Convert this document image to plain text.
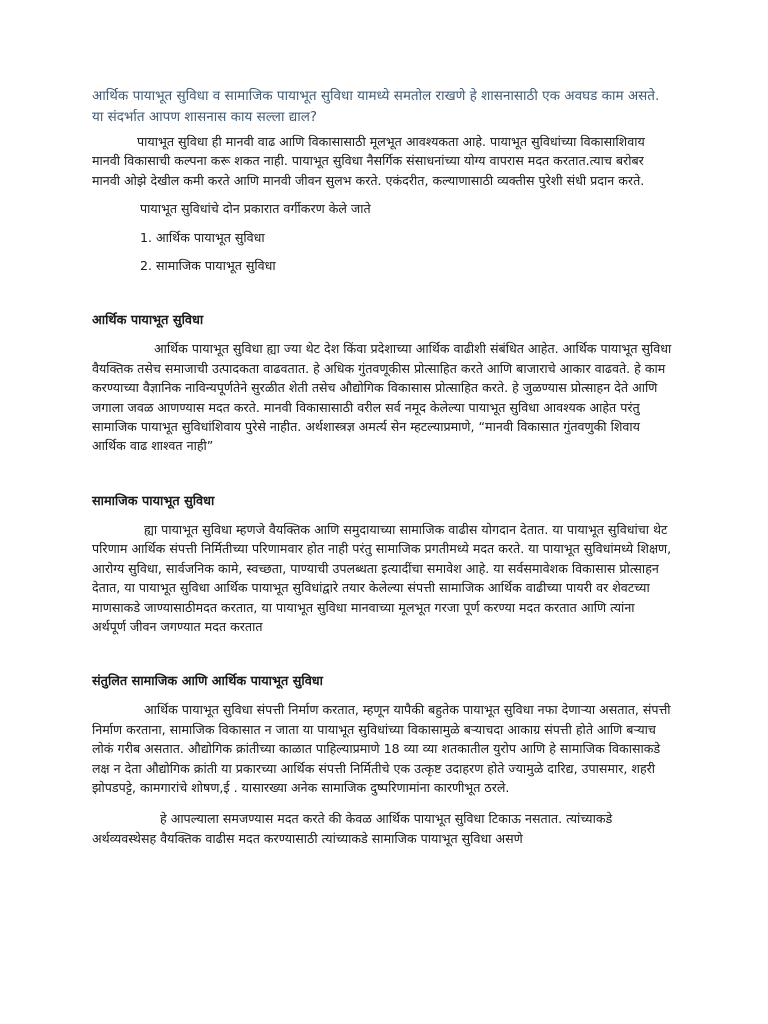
आर्थिक पायाभूत सुविधा व सामाजिक पायाभूत सुविधा यामध्ये समतोल राखणे हे शासनासाठी एक अवघड काम असते. या संदर्भात आपण शासनास काय सल्ला द्याल?

पायाभूत सुविधा ही मानवी वाढ आणि विकासासाठी मूलभूत आवश्यकता आहे. पायाभूत सुविधांच्या विकासाशिवाय मानवी विकासाची कल्पना करू शकत नाही. पायाभूत सुविधा नैसर्गिक संसाधनांच्या योग्य वापरास मदत करतात.त्याच बरोबर मानवी ओझे देखील कमी करते आणि मानवी जीवन सुलभ करते. एकंदरीत, कल्याणासाठी व्यक्तीस पुरेशी संधी प्रदान करते.

पायाभूत सुविधांचे दोन प्रकारात वर्गीकरण केले जाते

1. आर्थिक पायाभूत सुविधा

2. सामाजिक पायाभूत सुविधा

आर्थिक पायाभूत सुविधा

आर्थिक पायाभूत सुविधा ह्या ज्या थेट देश किंवा प्रदेशाच्या आर्थिक वाढीशी संबंधित आहेत. आर्थिक पायाभूत सुविधा वैयक्तिक तसेच समाजाची उत्पादकता वाढवतात. हे अधिक गुंतवणूकीस प्रोत्साहित करते आणि बाजाराचे आकार वाढवते. हे काम करण्याच्या वैज्ञानिक नाविन्यपूर्णतेने सुरळीत शेती तसेच औद्योगिक विकासास प्रोत्साहित करते. हे जुळण्यास प्रोत्साहन देते आणि जगाला जवळ आणण्यास मदत करते. मानवी विकासासाठी वरील सर्व नमूद केलेल्या पायाभूत सुविधा आवश्यक आहेत परंतु सामाजिक पायाभूत सुविधांशिवाय पुरेसे नाहीत. अर्थशास्त्रज्ञ अमर्त्य सेन म्हटल्याप्रमाणे, “मानवी विकासात गुंतवणुकी शिवाय आर्थिक वाढ शाश्वत नाही”

सामाजिक पायाभूत सुविधा

ह्या पायाभूत सुविधा म्हणजे वैयक्तिक आणि समुदायाच्या सामाजिक वाढीस योगदान देतात. या पायाभूत सुविधांचा थेट परिणाम आर्थिक संपत्ती निर्मितीच्या परिणामवार होत नाही परंतु सामाजिक प्रगतीमध्ये मदत करते. या पायाभूत सुविधांमध्ये शिक्षण, आरोग्य सुविधा, सार्वजनिक कामे, स्वच्छता, पाण्याची उपलब्धता इत्यादींचा समावेश आहे. या सर्वसमावेशक विकासास प्रोत्साहन देतात, या पायाभूत सुविधा आर्थिक पायाभूत सुविधांद्वारे तयार केलेल्या संपत्ती सामाजिक आर्थिक वाढीच्या पायरी वर शेवटच्या माणसाकडे जाण्यासाठीमदत करतात, या पायाभूत सुविधा मानवाच्या मूलभूत गरजा पूर्ण करण्या मदत करतात आणि त्यांना अर्थपूर्ण जीवन जगण्यात मदत करतात

संतुलित सामाजिक आणि आर्थिक पायाभूत सुविधा

आर्थिक पायाभूत सुविधा संपत्ती निर्माण करतात, म्हणून यापैकी बहुतेक पायाभूत सुविधा नफा देणाऱ्या असतात, संपत्ती निर्माण करताना, सामाजिक विकासात न जाता या पायाभूत सुविधांच्या विकासामुळे बऱ्याचदा आकाग्र संपत्ती होते आणि बऱ्याच लोकं गरीब असतात. औद्योगिक क्रांतीच्या काळात पाहिल्याप्रमाणे 18 व्या व्या शतकातील युरोप आणि हे सामाजिक विकासाकडे लक्ष न देता औद्योगिक क्रांती या प्रकारच्या आर्थिक संपत्ती निर्मितीचे एक उत्कृष्ट उदाहरण होते ज्यामुळे दारिद्य, उपासमार, शहरी झोपडपट्टे, कामगारांचे शोषण,ई . यासारख्या अनेक सामाजिक दुष्परिणामांना कारणीभूत ठरले.

हे आपल्याला समजण्यास मदत करते की केवळ आर्थिक पायाभूत सुविधा टिकाऊ नसतात. त्यांच्याकडे अर्थव्यवस्थेसह वैयक्तिक वाढीस मदत करण्यासाठी त्यांच्याकडे सामाजिक पायाभूत सुविधा असणे
